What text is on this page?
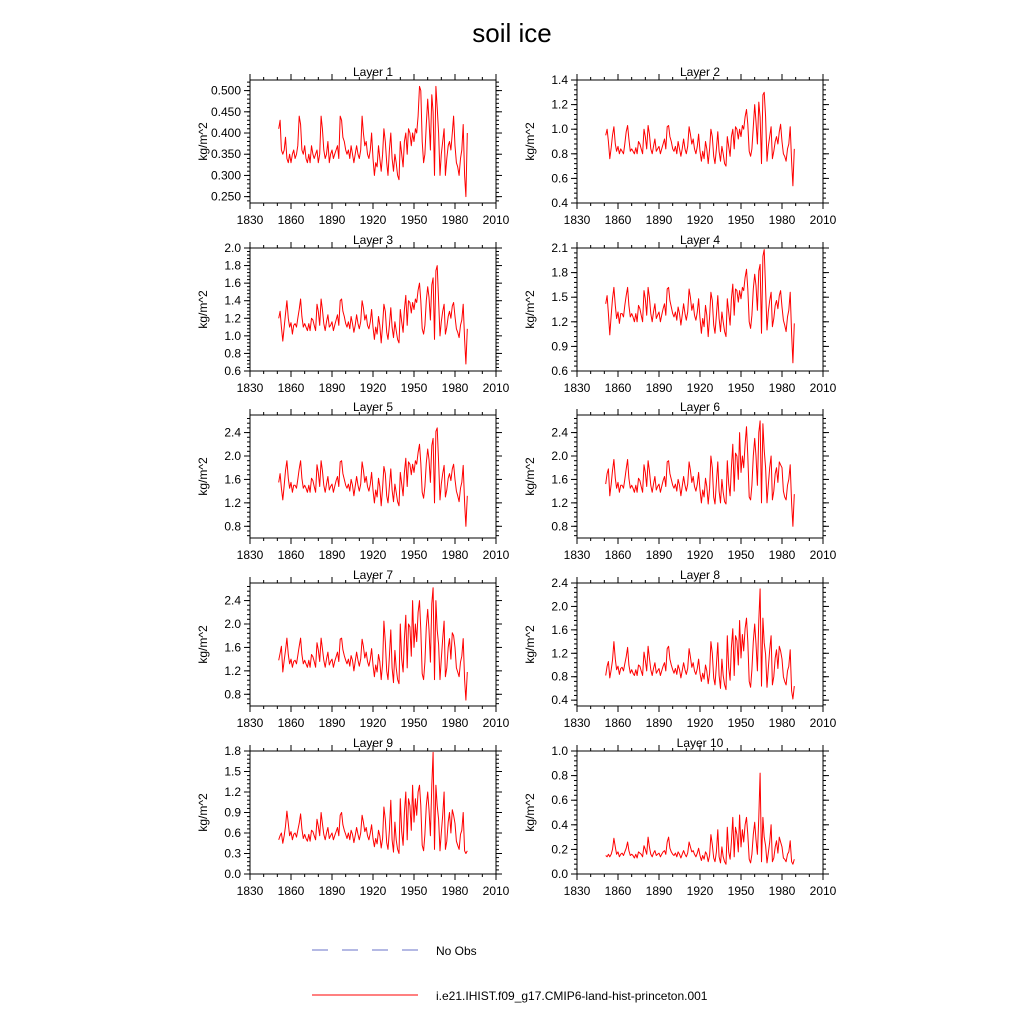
soil ice
Layer 1
kg/m^2
1830 1860 1890 1920 1950 1980 2010
0.250
0.300
0.350
0.400
0.450
0.500
Layer 2
kg/m^2
1830 1860 1890 1920 1950 1980 2010
0.4
0.6
0.8
1.0
1.2
1.4
Layer 3
kg/m^2
1830 1860 1890 1920 1950 1980 2010
0.6
0.8
1.0
1.2
1.4
1.6
1.8
2.0
Layer 4
kg/m^2
1830 1860 1890 1920 1950 1980 2010
0.6
0.9
1.2
1.5
1.8
2.1
Layer 5
kg/m^2
1830 1860 1890 1920 1950 1980 2010
0.8
1.2
1.6
2.0
2.4
Layer 6
kg/m^2
1830 1860 1890 1920 1950 1980 2010
0.8
1.2
1.6
2.0
2.4
Layer 7
kg/m^2
1830 1860 1890 1920 1950 1980 2010
0.8
1.2
1.6
2.0
2.4
Layer 8
kg/m^2
1830 1860 1890 1920 1950 1980 2010
0.4
0.8
1.2
1.6
2.0
2.4
Layer 9
kg/m^2
1830 1860 1890 1920 1950 1980 2010
0.0
0.3
0.6
0.9
1.2
1.5
1.8
Layer 10
kg/m^2
1830 1860 1890 1920 1950 1980 2010
0.0
0.2
0.4
0.6
0.8
1.0
No Obs
i.e21.IHIST.f09_g17.CMIP6-land-hist-princeton.001
